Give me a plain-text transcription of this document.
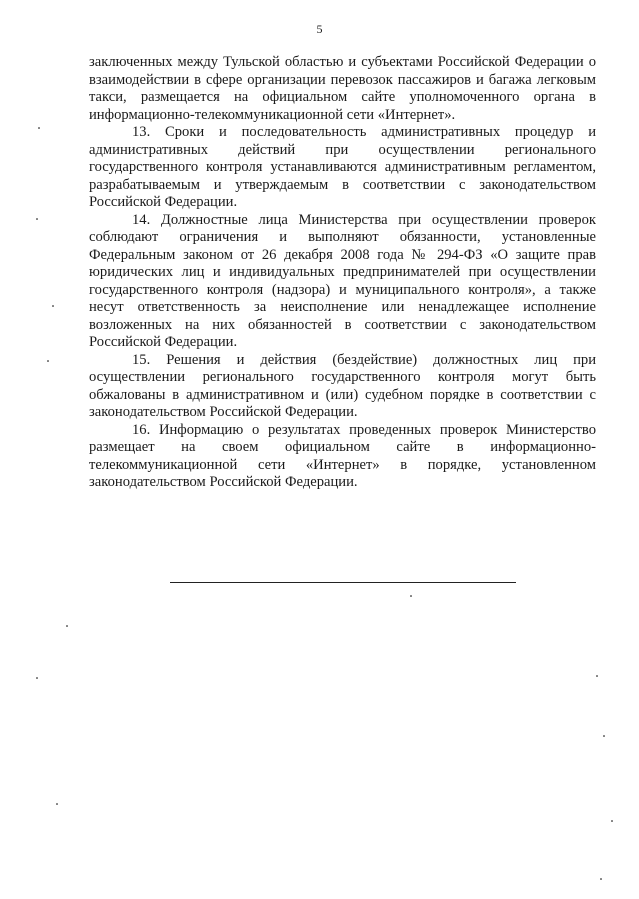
5

заключенных между Тульской областью и субъектами Российской Федерации о взаимодействии в сфере организации перевозок пассажиров и багажа легковым такси, размещается на официальном сайте уполномоченного органа в информационно-телекоммуникационной сети «Интернет».

13. Сроки и последовательность административных процедур и административных действий при осуществлении регионального государственного контроля устанавливаются административным регламентом, разрабатываемым и утверждаемым в соответствии с законодательством Российской Федерации.

14. Должностные лица Министерства при осуществлении проверок соблюдают ограничения и выполняют обязанности, установленные Федеральным законом от 26 декабря 2008 года № 294-ФЗ «О защите прав юридических лиц и индивидуальных предпринимателей при осуществлении государственного контроля (надзора) и муниципального контроля», а также несут ответственность за неисполнение или ненадлежащее исполнение возложенных на них обязанностей в соответствии с законодательством Российской Федерации.

15. Решения и действия (бездействие) должностных лиц при осуществлении регионального государственного контроля могут быть обжалованы в административном и (или) судебном порядке в соответствии с законодательством Российской Федерации.

16. Информацию о результатах проведенных проверок Министерство размещает на своем официальном сайте в информационно-телекоммуникационной сети «Интернет» в порядке, установленном законодательством Российской Федерации.
